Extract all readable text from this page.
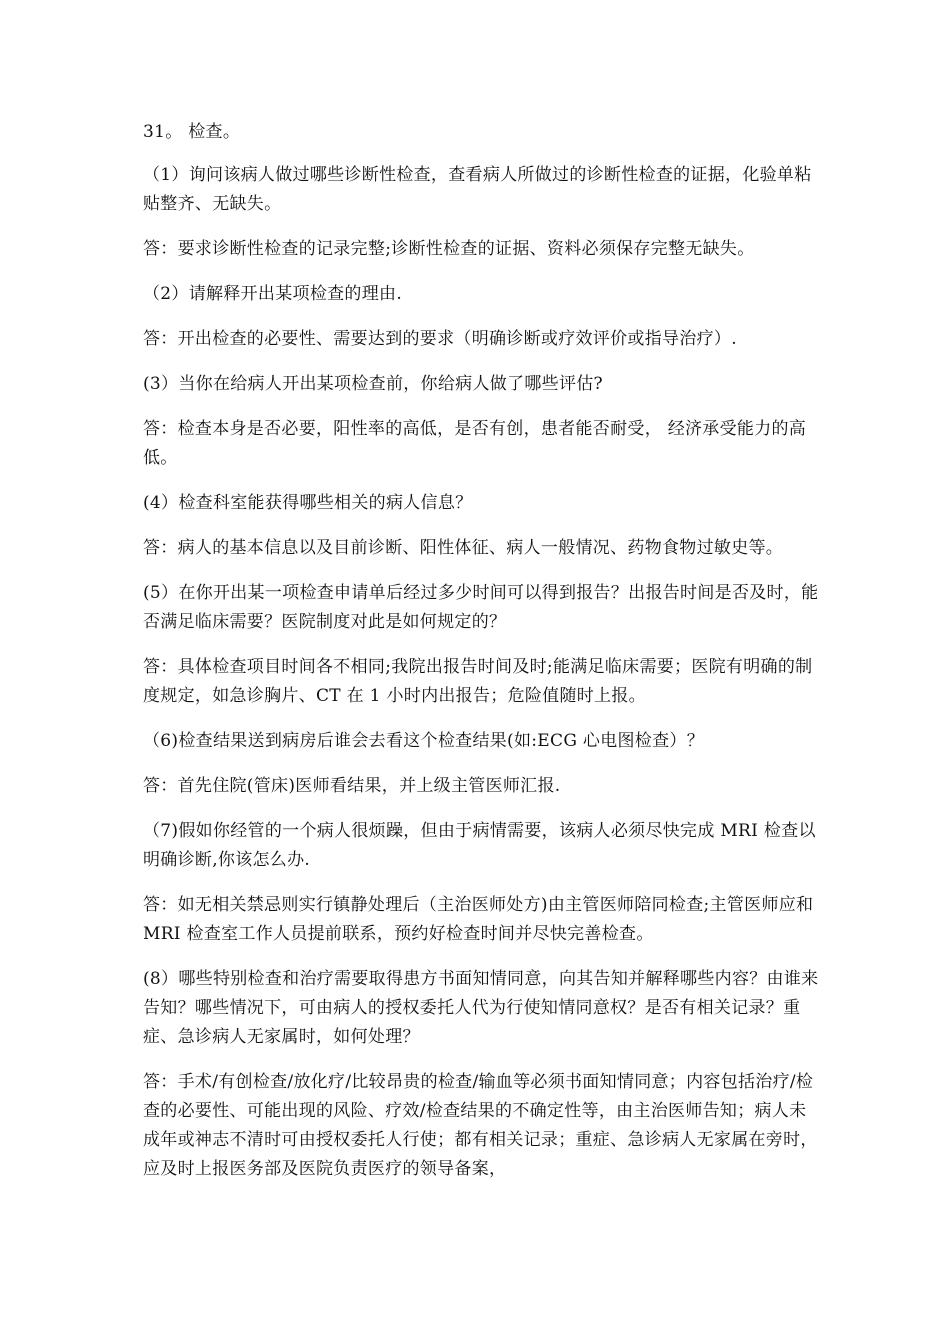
31。 检查。

（1）询问该病人做过哪些诊断性检查，查看病人所做过的诊断性检查的证据，化验单粘贴整齐、无缺失。

答：要求诊断性检查的记录完整;诊断性检查的证据、资料必须保存完整无缺失。

（2）请解释开出某项检查的理由.

答：开出检查的必要性、需要达到的要求（明确诊断或疗效评价或指导治疗）.

(3）当你在给病人开出某项检查前，你给病人做了哪些评估?

答：检查本身是否必要，阳性率的高低，是否有创，患者能否耐受， 经济承受能力的高低。

(4）检查科室能获得哪些相关的病人信息？

答：病人的基本信息以及目前诊断、阳性体征、病人一般情况、药物食物过敏史等。

(5）在你开出某一项检查申请单后经过多少时间可以得到报告？出报告时间是否及时，能否满足临床需要？医院制度对此是如何规定的？

答：具体检查项目时间各不相同;我院出报告时间及时;能满足临床需要；医院有明确的制度规定，如急诊胸片、CT 在 1 小时内出报告；危险值随时上报。

（6)检查结果送到病房后谁会去看这个检查结果(如:ECG 心电图检查）？

答：首先住院(管床)医师看结果，并上级主管医师汇报.

（7)假如你经管的一个病人很烦躁，但由于病情需要，该病人必须尽快完成 MRI 检查以明确诊断,你该怎么办.

答：如无相关禁忌则实行镇静处理后（主治医师处方)由主管医师陪同检查;主管医师应和 MRI 检查室工作人员提前联系，预约好检查时间并尽快完善检查。

(8）哪些特别检查和治疗需要取得患方书面知情同意，向其告知并解释哪些内容？由谁来告知？哪些情况下，可由病人的授权委托人代为行使知情同意权？是否有相关记录？重症、急诊病人无家属时，如何处理？

答：手术/有创检查/放化疗/比较昂贵的检查/输血等必须书面知情同意；内容包括治疗/检查的必要性、可能出现的风险、疗效/检查结果的不确定性等，由主治医师告知；病人未成年或神志不清时可由授权委托人行使；都有相关记录；重症、急诊病人无家属在旁时，应及时上报医务部及医院负责医疗的领导备案，
